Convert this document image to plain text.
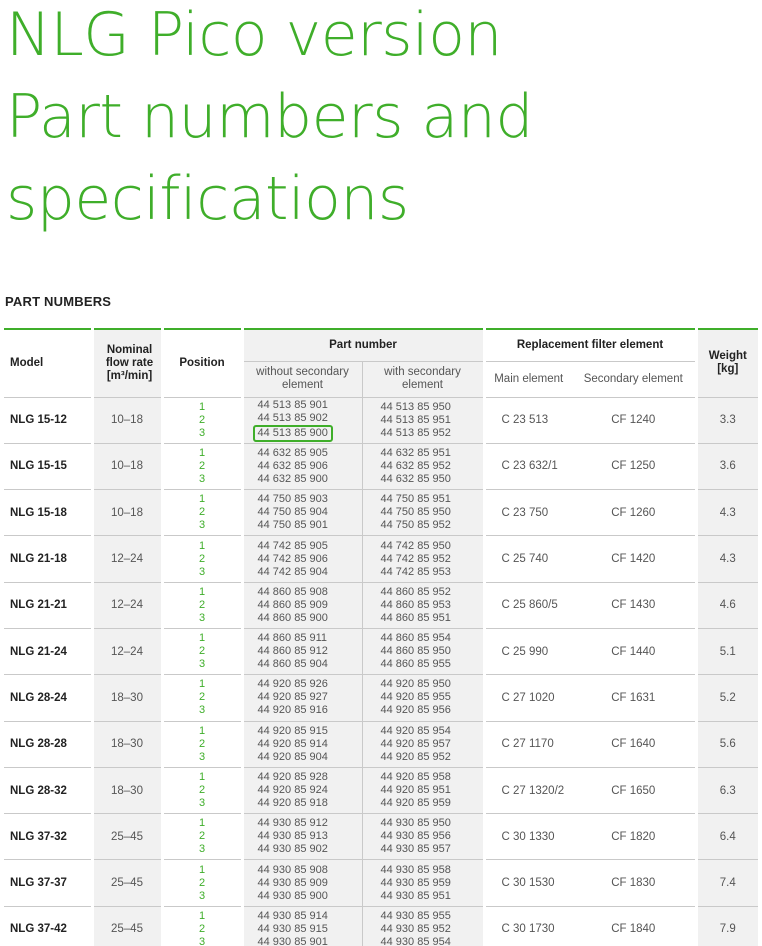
NLG Pico version
Part numbers and
specifications
PART NUMBERS
Model	Nominal flow rate [m³/min]	Position	Part number		Replacement filter element		Weight [kg]
			without secondary element	with secondary element	Main element	Secondary element	
NLG 15-12	10–18	1
2
3	44 513 85 901
44 513 85 902
44 513 85 900	44 513 85 950
44 513 85 951
44 513 85 952	C 23 513	CF 1240	3.3
NLG 15-15	10–18	1
2
3	44 632 85 905
44 632 85 906
44 632 85 900	44 632 85 951
44 632 85 952
44 632 85 950	C 23 632/1	CF 1250	3.6
NLG 15-18	10–18	1
2
3	44 750 85 903
44 750 85 904
44 750 85 901	44 750 85 951
44 750 85 950
44 750 85 952	C 23 750	CF 1260	4.3
NLG 21-18	12–24	1
2
3	44 742 85 905
44 742 85 906
44 742 85 904	44 742 85 950
44 742 85 952
44 742 85 953	C 25 740	CF 1420	4.3
NLG 21-21	12–24	1
2
3	44 860 85 908
44 860 85 909
44 860 85 900	44 860 85 952
44 860 85 953
44 860 85 951	C 25 860/5	CF 1430	4.6
NLG 21-24	12–24	1
2
3	44 860 85 911
44 860 85 912
44 860 85 904	44 860 85 954
44 860 85 950
44 860 85 955	C 25 990	CF 1440	5.1
NLG 28-24	18–30	1
2
3	44 920 85 926
44 920 85 927
44 920 85 916	44 920 85 950
44 920 85 955
44 920 85 956	C 27 1020	CF 1631	5.2
NLG 28-28	18–30	1
2
3	44 920 85 915
44 920 85 914
44 920 85 904	44 920 85 954
44 920 85 957
44 920 85 952	C 27 1170	CF 1640	5.6
NLG 28-32	18–30	1
2
3	44 920 85 928
44 920 85 924
44 920 85 918	44 920 85 958
44 920 85 951
44 920 85 959	C 27 1320/2	CF 1650	6.3
NLG 37-32	25–45	1
2
3	44 930 85 912
44 930 85 913
44 930 85 902	44 930 85 950
44 930 85 956
44 930 85 957	C 30 1330	CF 1820	6.4
NLG 37-37	25–45	1
2
3	44 930 85 908
44 930 85 909
44 930 85 900	44 930 85 958
44 930 85 959
44 930 85 951	C 30 1530	CF 1830	7.4
NLG 37-42	25–45	1
2
3	44 930 85 914
44 930 85 915
44 930 85 901	44 930 85 955
44 930 85 952
44 930 85 954	C 30 1730	CF 1840	7.9
